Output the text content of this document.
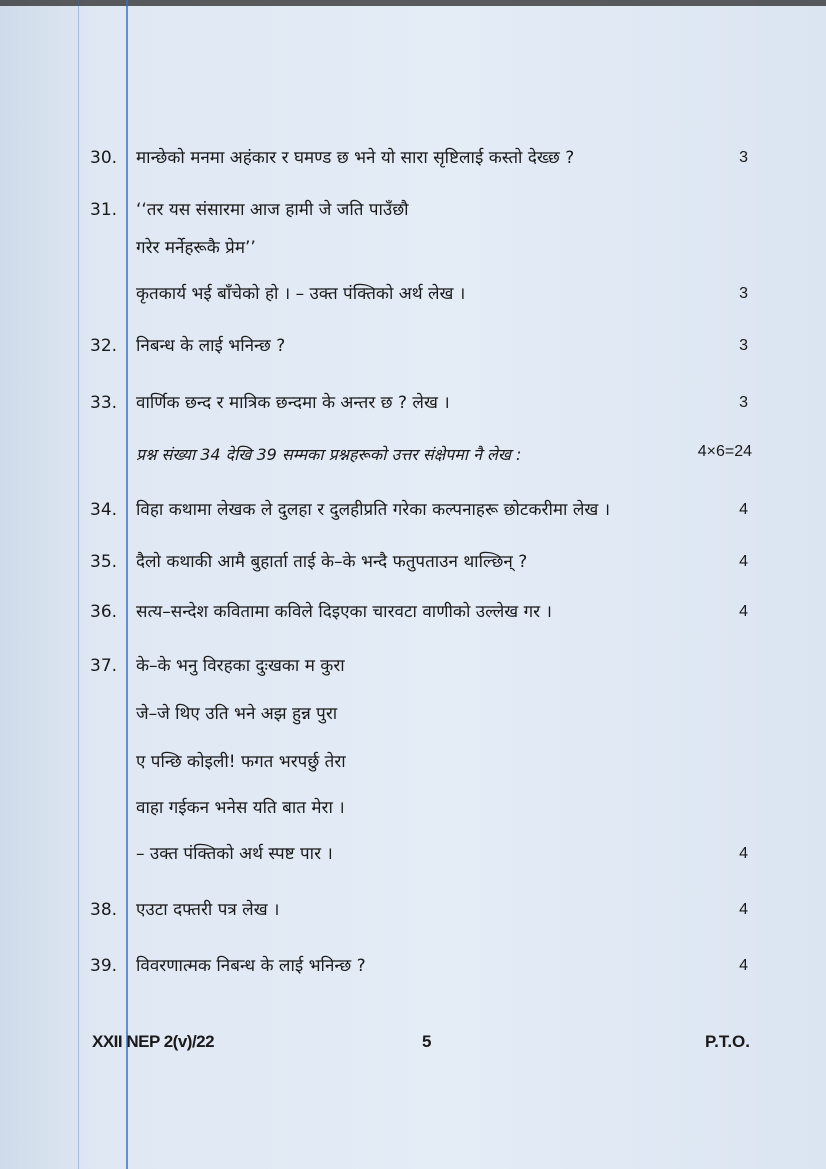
30.	मान्छेको मनमा अहंकार र घमण्ड छ भने यो सारा सृष्टिलाई कस्तो देख्छ ?	3
31.	‘‘तर यस संसारमा आज हामी जे जति पाउँछौ
गरेर मर्नेहरूकै प्रेम’’
कृतकार्य भई बाँचेको हो । – उक्त पंक्तिको अर्थ लेख ।	3
32.	निबन्ध के लाई भनिन्छ ?	3
33.	वार्णिक छन्द र मात्रिक छन्दमा के अन्तर छ ? लेख ।	3
प्रश्न संख्या 34 देखि 39 सम्मका प्रश्नहरूको उत्तर संक्षेपमा नै लेख :	4×6=24
34.	विहा कथामा लेखक ले दुलहा र दुलहीप्रति गरेका कल्पनाहरू छोटकरीमा लेख ।	4
35.	दैलो कथाकी आमै बुहार्ता ताई के–के भन्दै फतुपताउन थाल्छिन् ?	4
36.	सत्य–सन्देश कवितामा कविले दिइएका चारवटा वाणीको उल्लेख गर ।	4
37.	के–के भनु विरहका दुःखका म कुरा
जे–जे थिए उति भने अझ हुन्न पुरा
ए पन्छि कोइली! फगत भरपर्छु तेरा
वाहा गईकन भनेस यति बात मेरा ।
– उक्त पंक्तिको अर्थ स्पष्ट पार ।	4
38.	एउटा दफ्तरी पत्र लेख ।	4
39.	विवरणात्मक निबन्ध के लाई भनिन्छ ?	4
XXII NEP 2(v)/22	5	P.T.O.
